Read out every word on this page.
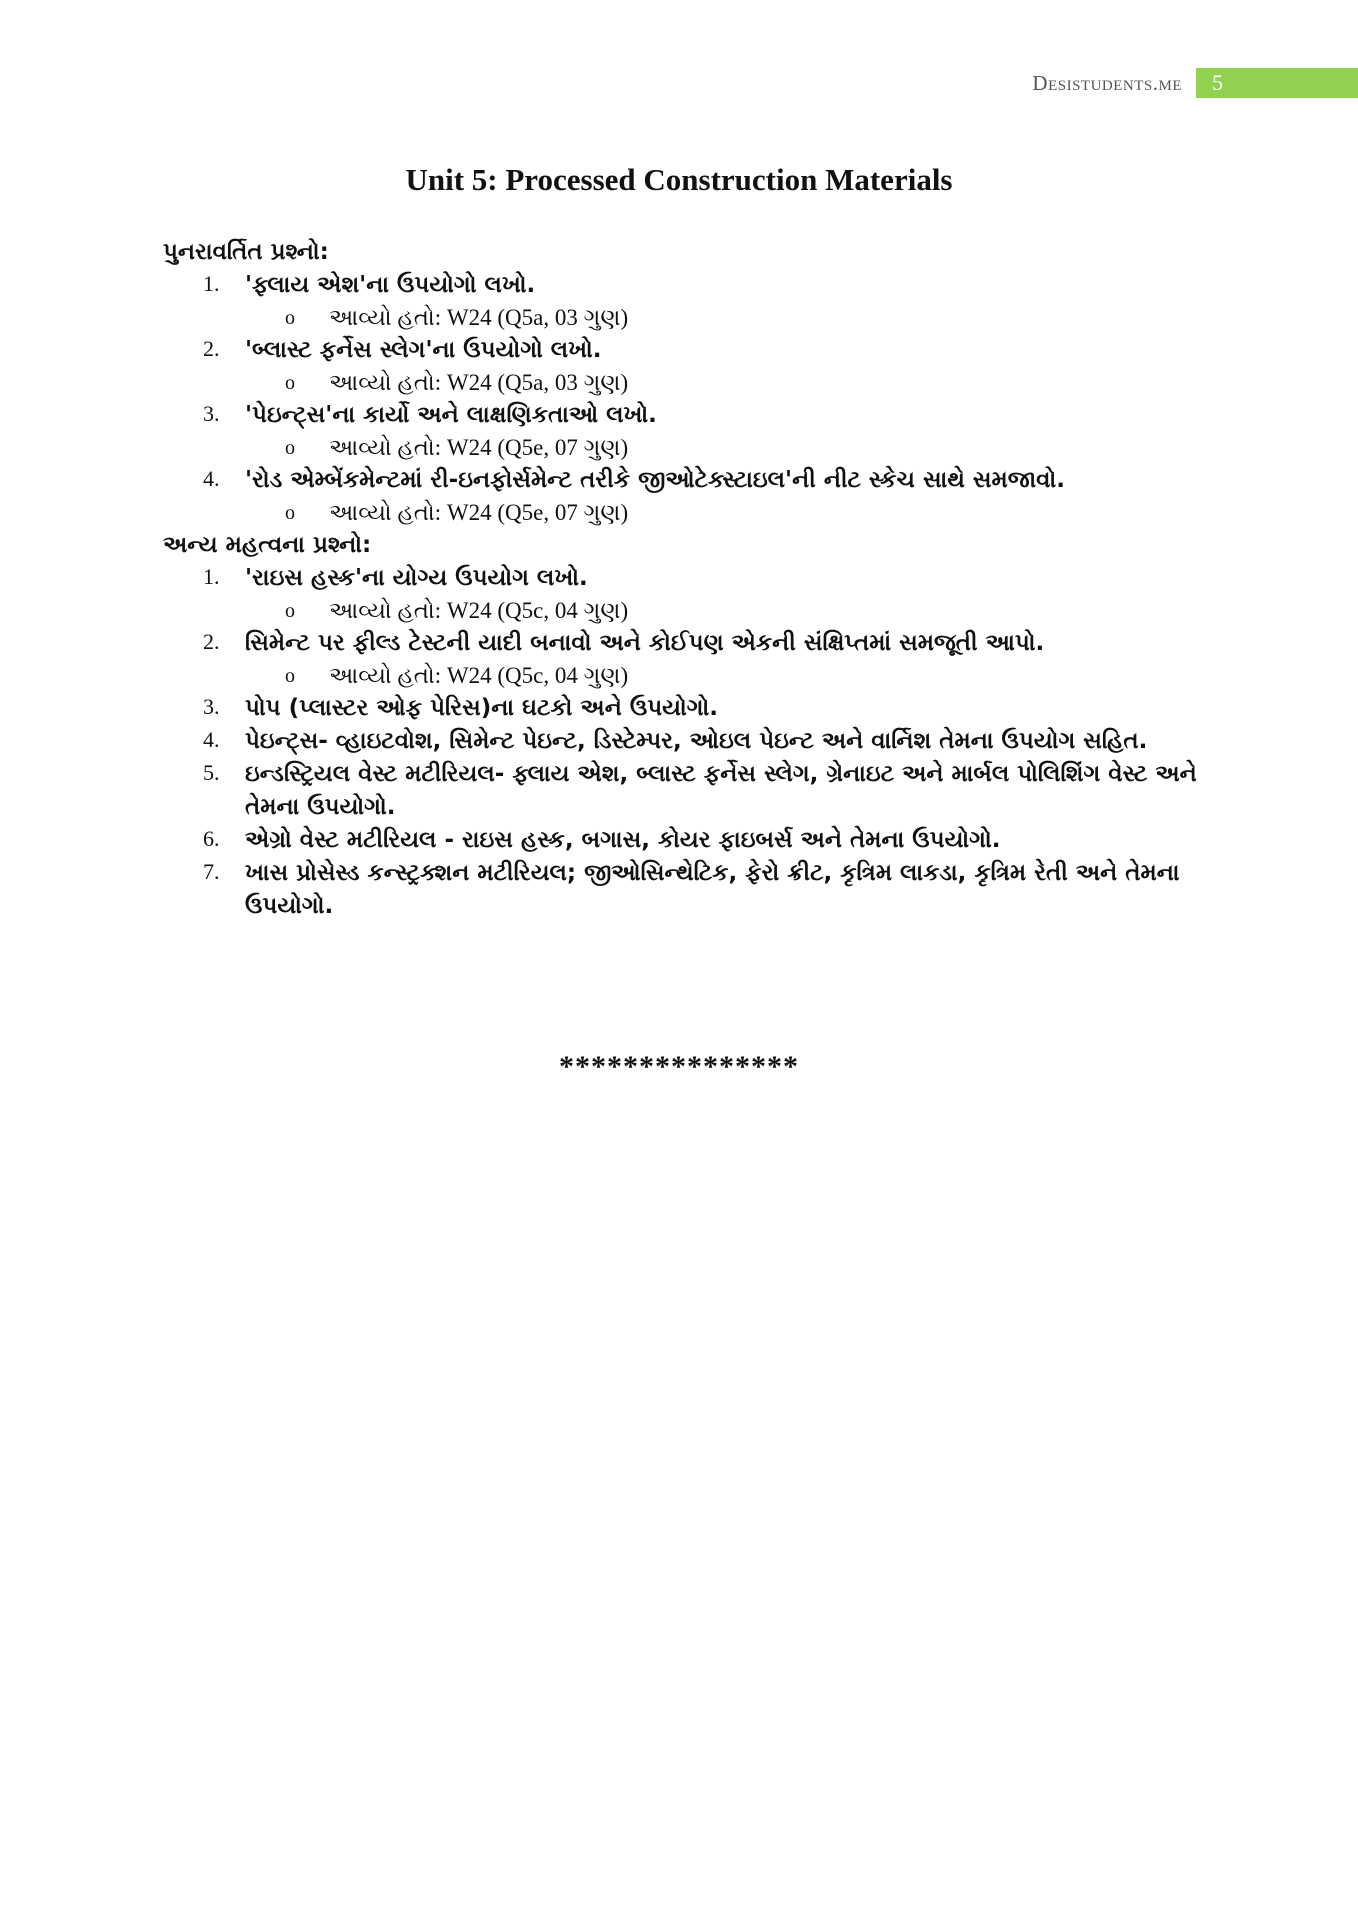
Desistudents.me	5
Unit 5: Processed Construction Materials
પુનરાવર્તિત પ્રશ્નો:
1. 'ફ્લાય એશ'ના ઉપયોગો લખો.
o	આવ્યો હતો: W24 (Q5a, 03 ગુણ)
2. 'બ્લાસ્ટ ફર્નેસ સ્લેગ'ના ઉપયોગો લખો.
o	આવ્યો હતો: W24 (Q5a, 03 ગુણ)
3. 'પેઇન્ટ્સ'ના કાર્યો અને લાક્ષણિકતાઓ લખો.
o	આવ્યો હતો: W24 (Q5e, 07 ગુણ)
4. 'રોડ એમ્બેંકમેન્ટમાં રી-ઇનફોર્સમેન્ટ તરીકે જીઓટેક્સ્ટાઇલ'ની નીટ સ્કેચ સાથે સમજાવો.
o	આવ્યો હતો: W24 (Q5e, 07 ગુણ)
અન્ય મહત્વના પ્રશ્નો:
1. 'રાઇસ હસ્ક'ના યોગ્ય ઉપયોગ લખો.
o	આવ્યો હતો: W24 (Q5c, 04 ગુણ)
2. સિમેન્ટ પર ફીલ્ડ ટેસ્ટની યાદી બનાવો અને કોઈપણ એકની સંક્ષિપ્તમાં સમજૂતી આપો.
o	આવ્યો હતો: W24 (Q5c, 04 ગુણ)
3. પોપ (પ્લાસ્ટર ઓફ પેરિસ)ના ઘટકો અને ઉપયોગો.
4. પેઇન્ટ્સ- વ્હાઇટવોશ, સિમેન્ટ પેઇન્ટ, ડિસ્ટેમ્પર, ઓઇલ પેઇન્ટ અને વાર્નિશ તેમના ઉપયોગ સહિત.
5. ઇન્ડસ્ટ્રિયલ વેસ્ટ મટીરિયલ- ફ્લાય એશ, બ્લાસ્ટ ફર્નેસ સ્લેગ, ગ્રેનાઇટ અને માર્બલ પોલિશિંગ વેસ્ટ અને તેમના ઉપયોગો.
6. એગ્રો વેસ્ટ મટીરિયલ - રાઇસ હસ્ક, બગાસ, કોયર ફાઇબર્સ અને તેમના ઉપયોગો.
7. ખાસ પ્રોસેસ્ડ કન્સ્ટ્રક્શન મટીરિયલ; જીઓસિન્થેટિક, ફેરો ક્રીટ, કૃત્રિમ લાકડા, કૃત્રિમ રેતી અને તેમના ઉપયોગો.
***************
